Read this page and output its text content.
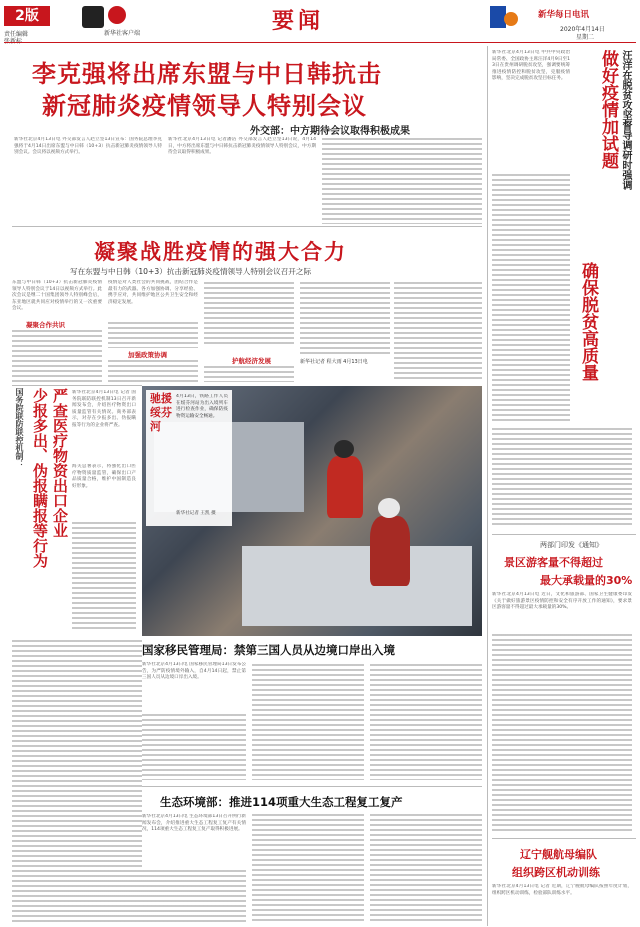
2版
责任编辑
张新标
新华社客户端	要闻	新华每日电讯
2020年4月14日
星期二
李克强将出席东盟与中日韩抗击
新冠肺炎疫情领导人特别会议
外交部：中方期待会议取得积极成果
新华社北京4月13日电 外交部发言人赵立坚13日宣布：国务院总理李克强将于4月14日出席东盟与中日韩（10+3）抗击新冠肺炎疫情领导人特别会议。会议将以视频方式举行。
新华社北京4月13日电 记者潘洁 外交部发言人赵立坚13日说，4月14日，中方将出席东盟与中日韩抗击新冠肺炎疫情领导人特别会议，中方期待会议取得积极成果。
凝聚战胜疫情的强大合力
写在东盟与中日韩（10+3）抗击新冠肺炎疫情领导人特别会议召开之际
东盟与中日韩（10+3）抗击新冠肺炎疫情领导人特别会议于14日以视频方式举行。此次会议是继二十国集团领导人特别峰会后，东亚地区就共同应对疫情举行的又一次重要会议。
凝聚合作共识
疫情是对人类社会的共同挑战，团结合作是最有力的武器。各方加强协调、分享经验、携手应对，共同维护地区公共卫生安全和经济稳定发展。
加强政策协调
护航经济发展	新华社记者 程大雨 4月13日电
国务院联防联控机制： 少报多出、伪报瞒报等行为 严查医疗物资出口企业 新华社北京4月13日电 记者 国务院联防联控机制13日召开新闻发布会，介绍医疗物资出口质量监管有关情况。商务部表示，对存在少报多出、伪报瞒报等行为的企业将严查。
海关总署表示，将强化出口医疗物资质量监管，确保出口产品质量合格，维护中国制造良好形象。
驰援绥芬河
4月13日，铁路工作人员在绥芬河站为出入境列车进行检查作业，确保防疫物资运输安全畅通。
新华社记者 王凯 摄
国家移民管理局：禁第三国人员从边境口岸出入境
新华社北京4月13日电 国家移民管理局13日发布公告，为严防疫情境外输入，自4月14日起，禁止第三国人员从边境口岸出入境。
生态环境部：推进114项重大生态工程复工复产
新华社北京4月13日电 生态环境部13日召开例行新闻发布会，介绍推进重大生态工程复工复产有关情况，114项重大生态工程复工复产取得积极进展。
汪洋在脱贫攻坚督导调研时强调
做好疫情加试题
确保脱贫高质量
新华社北京4月13日电 中共中央政治局常委、全国政协主席汪洋4月9日至13日在贵州调研脱贫攻坚，强调要统筹推进疫情防控和脱贫攻坚，克服疫情影响，坚决完成脱贫攻坚目标任务。
两部门印发《通知》
景区游客量不得超过
最大承载量的30%
新华社北京4月13日电 近日，文化和旅游部、国家卫生健康委印发《关于做好旅游景区疫情防控和安全有序开放工作的通知》，要求景区游客量不得超过最大承载量的30%。
辽宁舰航母编队
组织跨区机动训练
新华社北京4月13日电 记者 近期，辽宁舰航母编队按照年度计划，组织跨区机动训练，检验部队训练水平。
